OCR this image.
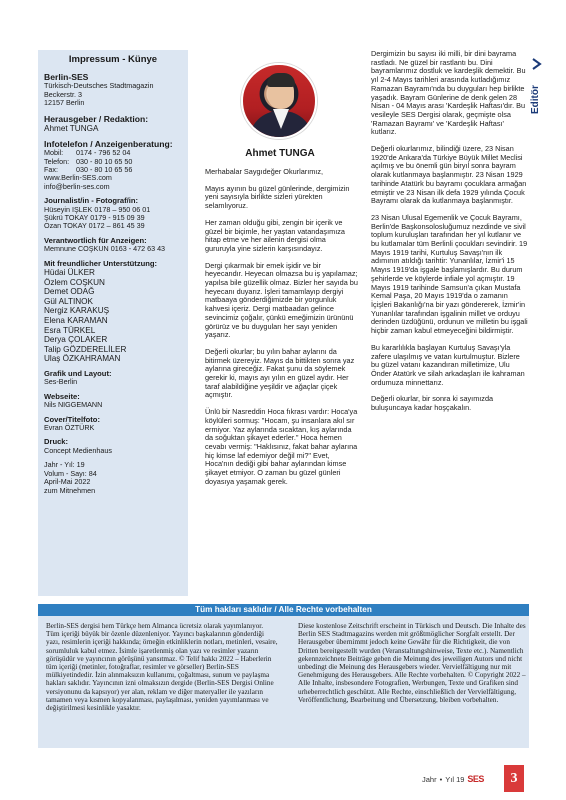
Impressum - Künye
Berlin-SES
Türkisch-Deutsches Stadtmagazin
Beckerstr. 3
12157 Berlin
Herausgeber / Redaktion:
Ahmet TUNGA
Infotelefon / Anzeigenberatung:
Mobil:	0174 - 796 52 04
Telefon: 030 - 80 10 65 50
Fax:	030 - 80 10 65 56
www.Berlin-SES.com
info@berlin-ses.com
Journalist/in - Fotograf/in:
Hüseyin IŞLEK 0178 – 950 06 01
Şükrü TOKAY 0179 - 915 09 39
Ozan TOKAY 0172 – 861 45 39
Verantwortlich für Anzeigen:
Memnune COŞKUN 0163 - 472 63 43
Mit freundlicher Unterstützung:
Hüdai ÜLKER
Özlem COŞKUN
Demet ODAĞ
Gül ALTINOK
Nergiz KARAKUŞ
Elena KARAMAN
Esra TÜRKEL
Derya ÇOLAKER
Talip GÖZDERELİLER
Ulaş ÖZKAHRAMAN
Grafik und Layout:
Ses-Berlin
Webseite:
Nils NIGGEMANN
Cover/Titelfoto:
Evran ÖZTÜRK
Druck:
Concept Medienhaus
Jahr - Yıl: 19
Volum - Sayı: 84
April-Mai 2022
zum Mitnehmen
Ahmet TUNGA
Editör

Merhabalar Saygıdeğer Okurlarımız,

Mayıs ayının bu güzel günlerinde, dergimizin yeni sayısıyla birlikte sizleri yürekten selamlıyoruz.

Her zaman olduğu gibi, zengin bir içerik ve güzel bir biçimle, her yaştan vatandaşımıza hitap etme ve her ailenin dergisi olma gururuyla yine sizlerin karşısındayız.

Dergi çıkarmak bir emek işidir ve bir heyecandır. Heyecan olmazsa bu iş yapılamaz; yapılsa bile güzellik olmaz. Bizler her sayıda bu heyecanı duyarız. İşleri tamamlayıp dergiyi matbaaya gönderdiğimizde bir yorgunluk kahvesi içeriz. Dergi matbaadan gelince sevincimiz çoğalır, çünkü emeğimizin ürününü görürüz ve bu duyguları her sayı yeniden yaşarız.

Değerli okurlar; bu yılın bahar aylarını da bitirmek üzereyiz. Mayıs da bittikten sonra yaz aylarına gireceğiz. Fakat şunu da söylemek gerekir ki, mayıs ayı yılın en güzel aydır. Her taraf alabildiğine yeşildir ve ağaçlar çiçek açmıştır.

Ünlü bir Nasreddin Hoca fıkrası vardır: Hoca'ya köylüleri sormuş: "Hocam, şu insanlara akıl sır ermiyor. Yaz aylarında sıcaktan, kış aylarında da soğuktan şikayet ederler." Hoca hemen cevabı vermiş: "Haklısınız, fakat bahar aylarına hiç kimse laf edemiyor değil mi?" Evet, Hoca'nın dediği gibi bahar aylarından kimse şikayet etmiyor. O zaman bu güzel günleri doyasıya yaşamak gerek.

Dergimizin bu sayısı iki milli, bir dini bayrama rastladı. Ne güzel bir rastlantı bu. Dini bayramlarımız dostluk ve kardeşlik demektir. Bu yıl 2-4 Mayıs tarihleri arasında kutladığımız Ramazan Bayramı'nda bu duyguları hep birlikte yaşadık. Bayram Günlerine de denk gelen 28 Nisan - 04 Mayıs arası 'Kardeşlik Haftası'dır. Bu vesileyle SES Dergisi olarak, geçmişte olsa 'Ramazan Bayramı' ve 'Kardeşlik Haftası' kutlarız.

Değerli okurlarımız, bilindiği üzere, 23 Nisan 1920'de Ankara'da Türkiye Büyük Millet Meclisi açılmış ve bu önemli gün biryıl sonra bayram olarak kutlanmaya başlanmıştır. 23 Nisan 1929 tarihinde Atatürk bu bayramı çocuklara armağan etmiştir ve 23 Nisan ilk defa 1929 yılında Çocuk Bayramı olarak da kutlanmaya başlanmıştır.

23 Nisan Ulusal Egemenlik ve Çocuk Bayramı, Berlin'de Başkonsolosluğumuz nezdinde ve sivil toplum kuruluşları tarafından her yıl kutlanır ve bu kutlamalar tüm Berlinli çocukları sevindirir. 19 Mayıs 1919 tarihi, Kurtuluş Savaşı'nın ilk adımının atıldığı tarihtir: Yunanlılar, İzmir'i 15 Mayıs 1919'da işgale başlamışlardır. Bu durum şehirlerde ve köylerde infiale yol açmıştır. 19 Mayıs 1919 tarihinde Samsun'a çıkan Mustafa Kemal Paşa, 20 Mayıs 1919'da o zamanın İçişleri Bakanlığı'na bir yazı göndererek, İzmir'in Yunanlılar tarafından işgalinin millet ve orduyu derinden üzdüğünü, ordunun ve milletin bu işgali hiçbir zaman kabul etmeyeceğini bildirmiştir.

Bu kararlılıkla başlayan Kurtuluş Savaşı'yla zafere ulaşılmış ve vatan kurtulmuştur. Bizlere bu güzel vatanı kazandıran milletimize, Ulu Önder Atatürk ve silah arkadaşları ile kahraman ordumuza minnettarız.

Değerli okurlar, bir sonra ki sayımızda buluşuncaya kadar hoşçakalın.

Tüm hakları saklıdır / Alle Rechte vorbehalten
Berlin-SES dergisi hem Türkçe hem Almanca ücretsiz olarak yayımlanıyor. Tüm içeriği büyük bir özenle düzenleniyor. Yayıncı başkalarının gönderdiği yazı, resimlerin içeriği hakkında; örneğin etkinliklerin notları, metinleri, vesaire, sorumluluk kabul etmez. İsimle işaretlenmiş olan yazı ve resimler yazarın görüşüdür ve yayıncının görüşünü yansıtmaz. © Telif hakkı 2022 – Haberlerin tüm içeriği (metinler, fotoğraflar, resimler ve görseller) Berlin-SES mülkiyetindedir. İzin alınmaksızın kullanımı, çoğaltması, sunum ve paylaşma hakları saklıdır. Yayıncının izni olmaksızın dergide (Berlin-SES Dergisi Online versiyonunu da kapsıyor) yer alan, reklam ve diğer materyaller ile yazıların tamamen veya kısmen kopyalanması, paylaşılması, yeniden yayımlanması ve değiştirilmesi kesinlikle yasaktır.
Diese kostenlose Zeitschrift erscheint in Türkisch und Deutsch. Die Inhalte des Berlin SES Stadtmagazins werden mit größtmöglicher Sorgfalt erstellt. Der Herausgeber übernimmt jedoch keine Gewähr für die Richtigkeit, die von Dritten bereitgestellt wurden (Veranstaltungshinweise, Texte etc.). Namentlich gekennzeichnete Beiträge geben die Meinung des jeweiligen Autors und nicht unbedingt die Meinung des Herausgebers wieder. Vervielfältigung nur mit Genehmigung des Herausgebers. Alle Rechte vorbehalten. © Copyright 2022 – Alle Inhalte, insbesondere Fotografien, Werbungen, Texte und Grafiken sind urheberrechtlich geschützt. Alle Rechte, einschließlich der Vervielfältigung, Veröffentlichung, Bearbeitung und Übersetzung, bleiben vorbehalten.
Jahr • Yıl 19 SES	3
